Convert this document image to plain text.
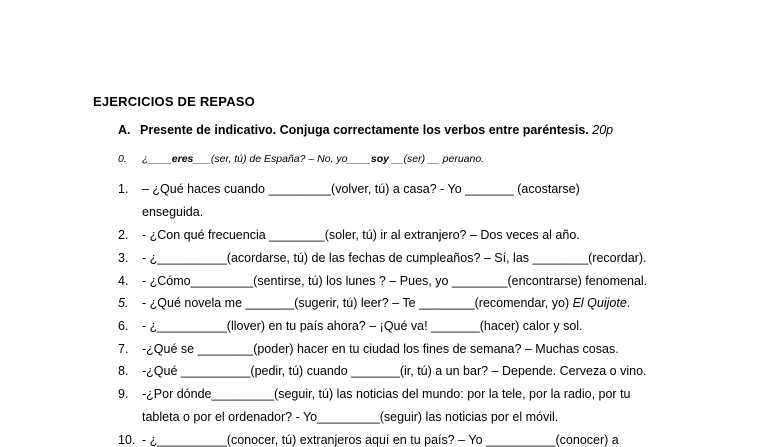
EJERCICIOS DE REPASO
A. Presente de indicativo. Conjuga correctamente los verbos entre paréntesis. 20p
0. ¿____eres___(ser, tú) de España? – No, yo____soy __(ser) __ peruano.
1. – ¿Qué haces cuando _________(volver, tú) a casa? - Yo _______ (acostarse)
enseguida.
2. - ¿Con qué frecuencia ________(soler, tú) ir al extranjero? – Dos veces al año.
3. - ¿__________(acordarse, tú) de las fechas de cumpleaños? – Sí, las ________(recordar).
4. - ¿Cómo_________(sentirse, tú) los lunes ? – Pues, yo ________(encontrarse) fenomenal.
5. - ¿Qué novela me _______(sugerir, tú) leer? – Te ________(recomendar, yo) El Quijote.
6. - ¿__________(llover) en tu país ahora? – ¡Qué va! _______(hacer) calor y sol.
7. -¿Qué se ________(poder) hacer en tu ciudad los fines de semana? – Muchas cosas.
8. -¿Qué __________(pedir, tú) cuando _______(ir, tú) a un bar? – Depende. Cerveza o vino.
9. -¿Por dónde_________(seguir, tú) las noticias del mundo: por la tele, por la radio, por tu
tableta o por el ordenador? - Yo_________(seguir) las noticias por el móvil.
10. - ¿__________(conocer, tú) extranjeros aquí en tu país? – Yo __________(conocer) a
